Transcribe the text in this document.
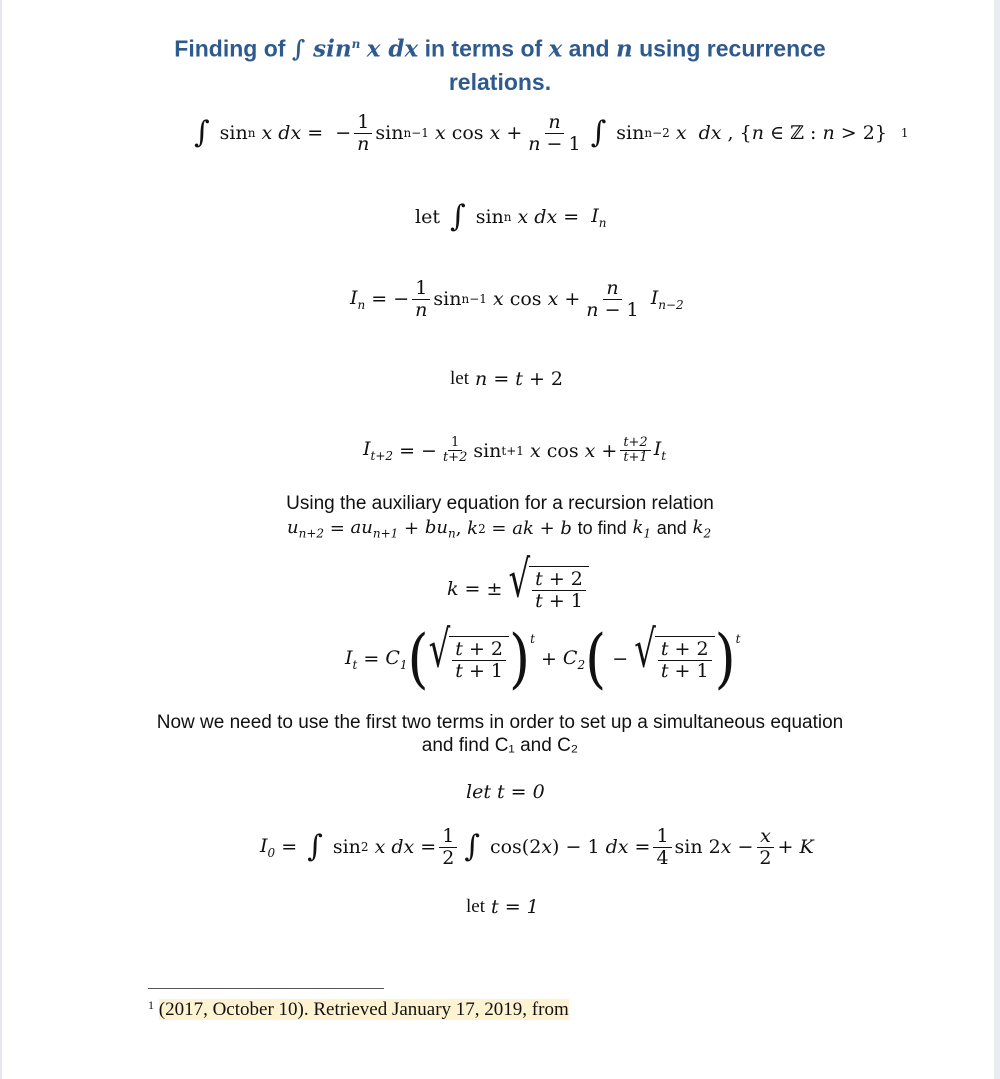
Finding of ∫ $\sin^n x$ dx in terms of x and n using recurrence
relations.
∫ sin n
x dx =  − $\frac{1}{n}$ sin n−1
x $\cos x + \frac{n}{n - 1}$ ∫ sin n−2
x  dx , { n ∈ ℤ : n > 2} 1
let
∫ sin n
x dx = $I_n$
$I_n$ = − $\frac{1}{n}$ sin n−1
x $\cos x + \frac{n}{n - 1}$
$I_{n-2}$
let
n = t + 2
$I_{t+2}$ = − $\frac{1}{t+2}$ sin t+1
x $\cos x + \frac{t+2}{t+1} I_t$
Using the auxiliary equation for a recursion relation
$u_{n+2} = au_{n+1} + bu_n$ , k 2 = ak + b
to find
$k_1$
and
$k_2$
k = ± √ $\frac{t + 2}{t + 1}$
$I_t = C_1$ ( √ $\frac{t + 2}{t + 1} )^t$
+ $C_2$ ( − √ $\frac{t + 2}{t + 1} )^t$
Now we need to use the first two terms in order to set up a simultaneous equation
and find C₁ and C₂
let t = 0
$I_0$ = ∫ sin 2
x dx = $\frac{1}{2}$ ∫ cos(2 x ) − 1 dx = $\frac{1}{4}$ sin 2 $x - \frac{x}{2} + K$
let
t = 1
$^1$ (2017, October 10). Retrieved January 17, 2019, from
